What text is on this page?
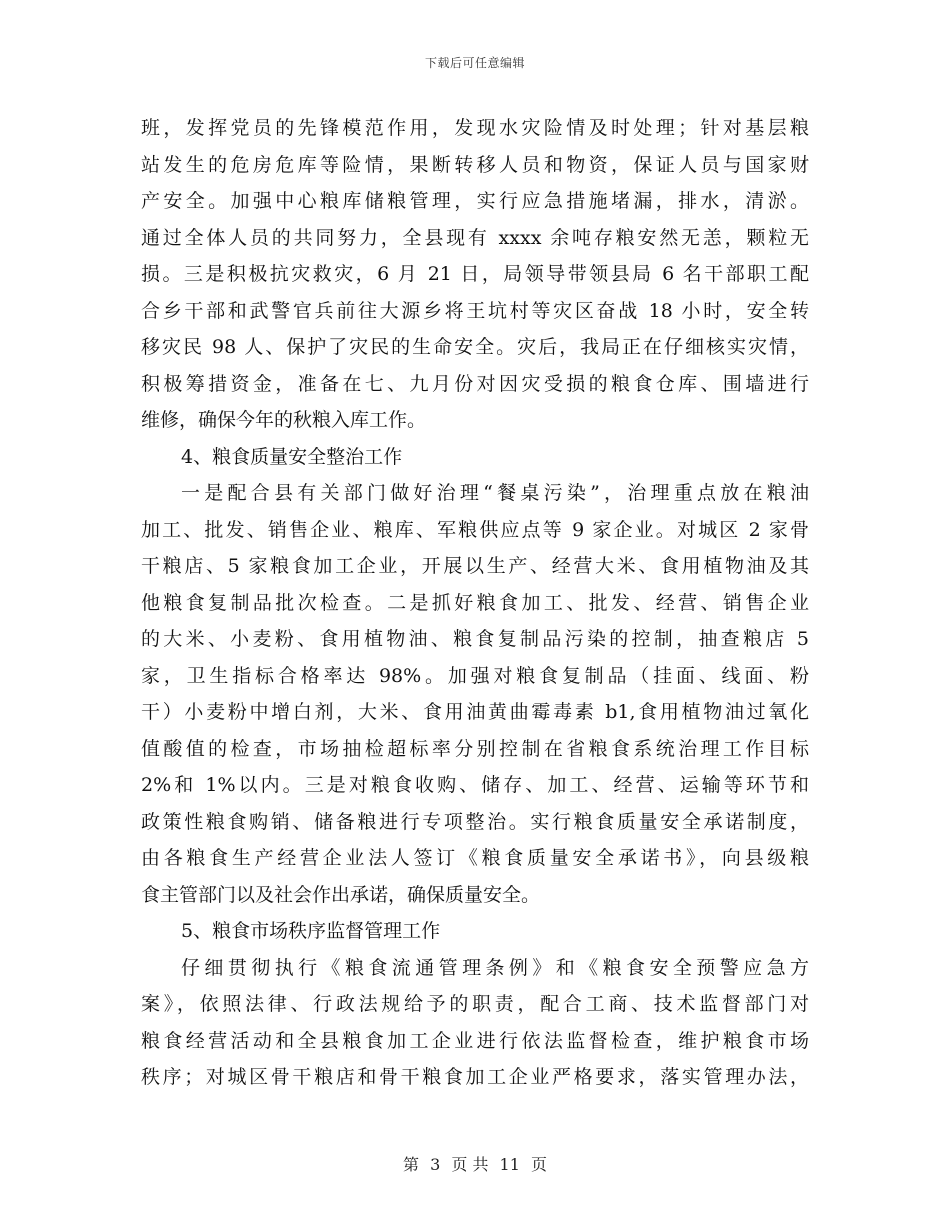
下载后可任意编辑
班，发挥党员的先锋模范作用，发现水灾险情及时处理；针对基层粮
站发生的危房危库等险情，果断转移人员和物资，保证人员与国家财
产安全。加强中心粮库储粮管理，实行应急措施堵漏，排水，清淤。
通过全体人员的共同努力，全县现有 xxxx 余吨存粮安然无恙，颗粒无
损。三是积极抗灾救灾，6 月 21 日，局领导带领县局 6 名干部职工配
合乡干部和武警官兵前往大源乡将王坑村等灾区奋战 18 小时，安全转
移灾民 98 人、保护了灾民的生命安全。灾后，我局正在仔细核实灾情，
积极筹措资金，准备在七、九月份对因灾受损的粮食仓库、围墙进行
维修，确保今年的秋粮入库工作。
4、粮食质量安全整治工作
一是配合县有关部门做好治理“餐桌污染”，治理重点放在粮油
加工、批发、销售企业、粮库、军粮供应点等 9 家企业。对城区 2 家骨
干粮店、5 家粮食加工企业，开展以生产、经营大米、食用植物油及其
他粮食复制品批次检查。二是抓好粮食加工、批发、经营、销售企业
的大米、小麦粉、食用植物油、粮食复制品污染的控制，抽查粮店 5
家，卫生指标合格率达 98%。加强对粮食复制品（挂面、线面、粉
干）小麦粉中增白剂，大米、食用油黄曲霉毒素 b1,食用植物油过氧化
值酸值的检查，市场抽检超标率分别控制在省粮食系统治理工作目标
2%和 1%以内。三是对粮食收购、储存、加工、经营、运输等环节和
政策性粮食购销、储备粮进行专项整治。实行粮食质量安全承诺制度，
由各粮食生产经营企业法人签订《粮食质量安全承诺书》，向县级粮
食主管部门以及社会作出承诺，确保质量安全。
5、粮食市场秩序监督管理工作
仔细贯彻执行《粮食流通管理条例》和《粮食安全预警应急方
案》，依照法律、行政法规给予的职责，配合工商、技术监督部门对
粮食经营活动和全县粮食加工企业进行依法监督检查，维护粮食市场
秩序；对城区骨干粮店和骨干粮食加工企业严格要求，落实管理办法，
第 3 页 共 11 页
